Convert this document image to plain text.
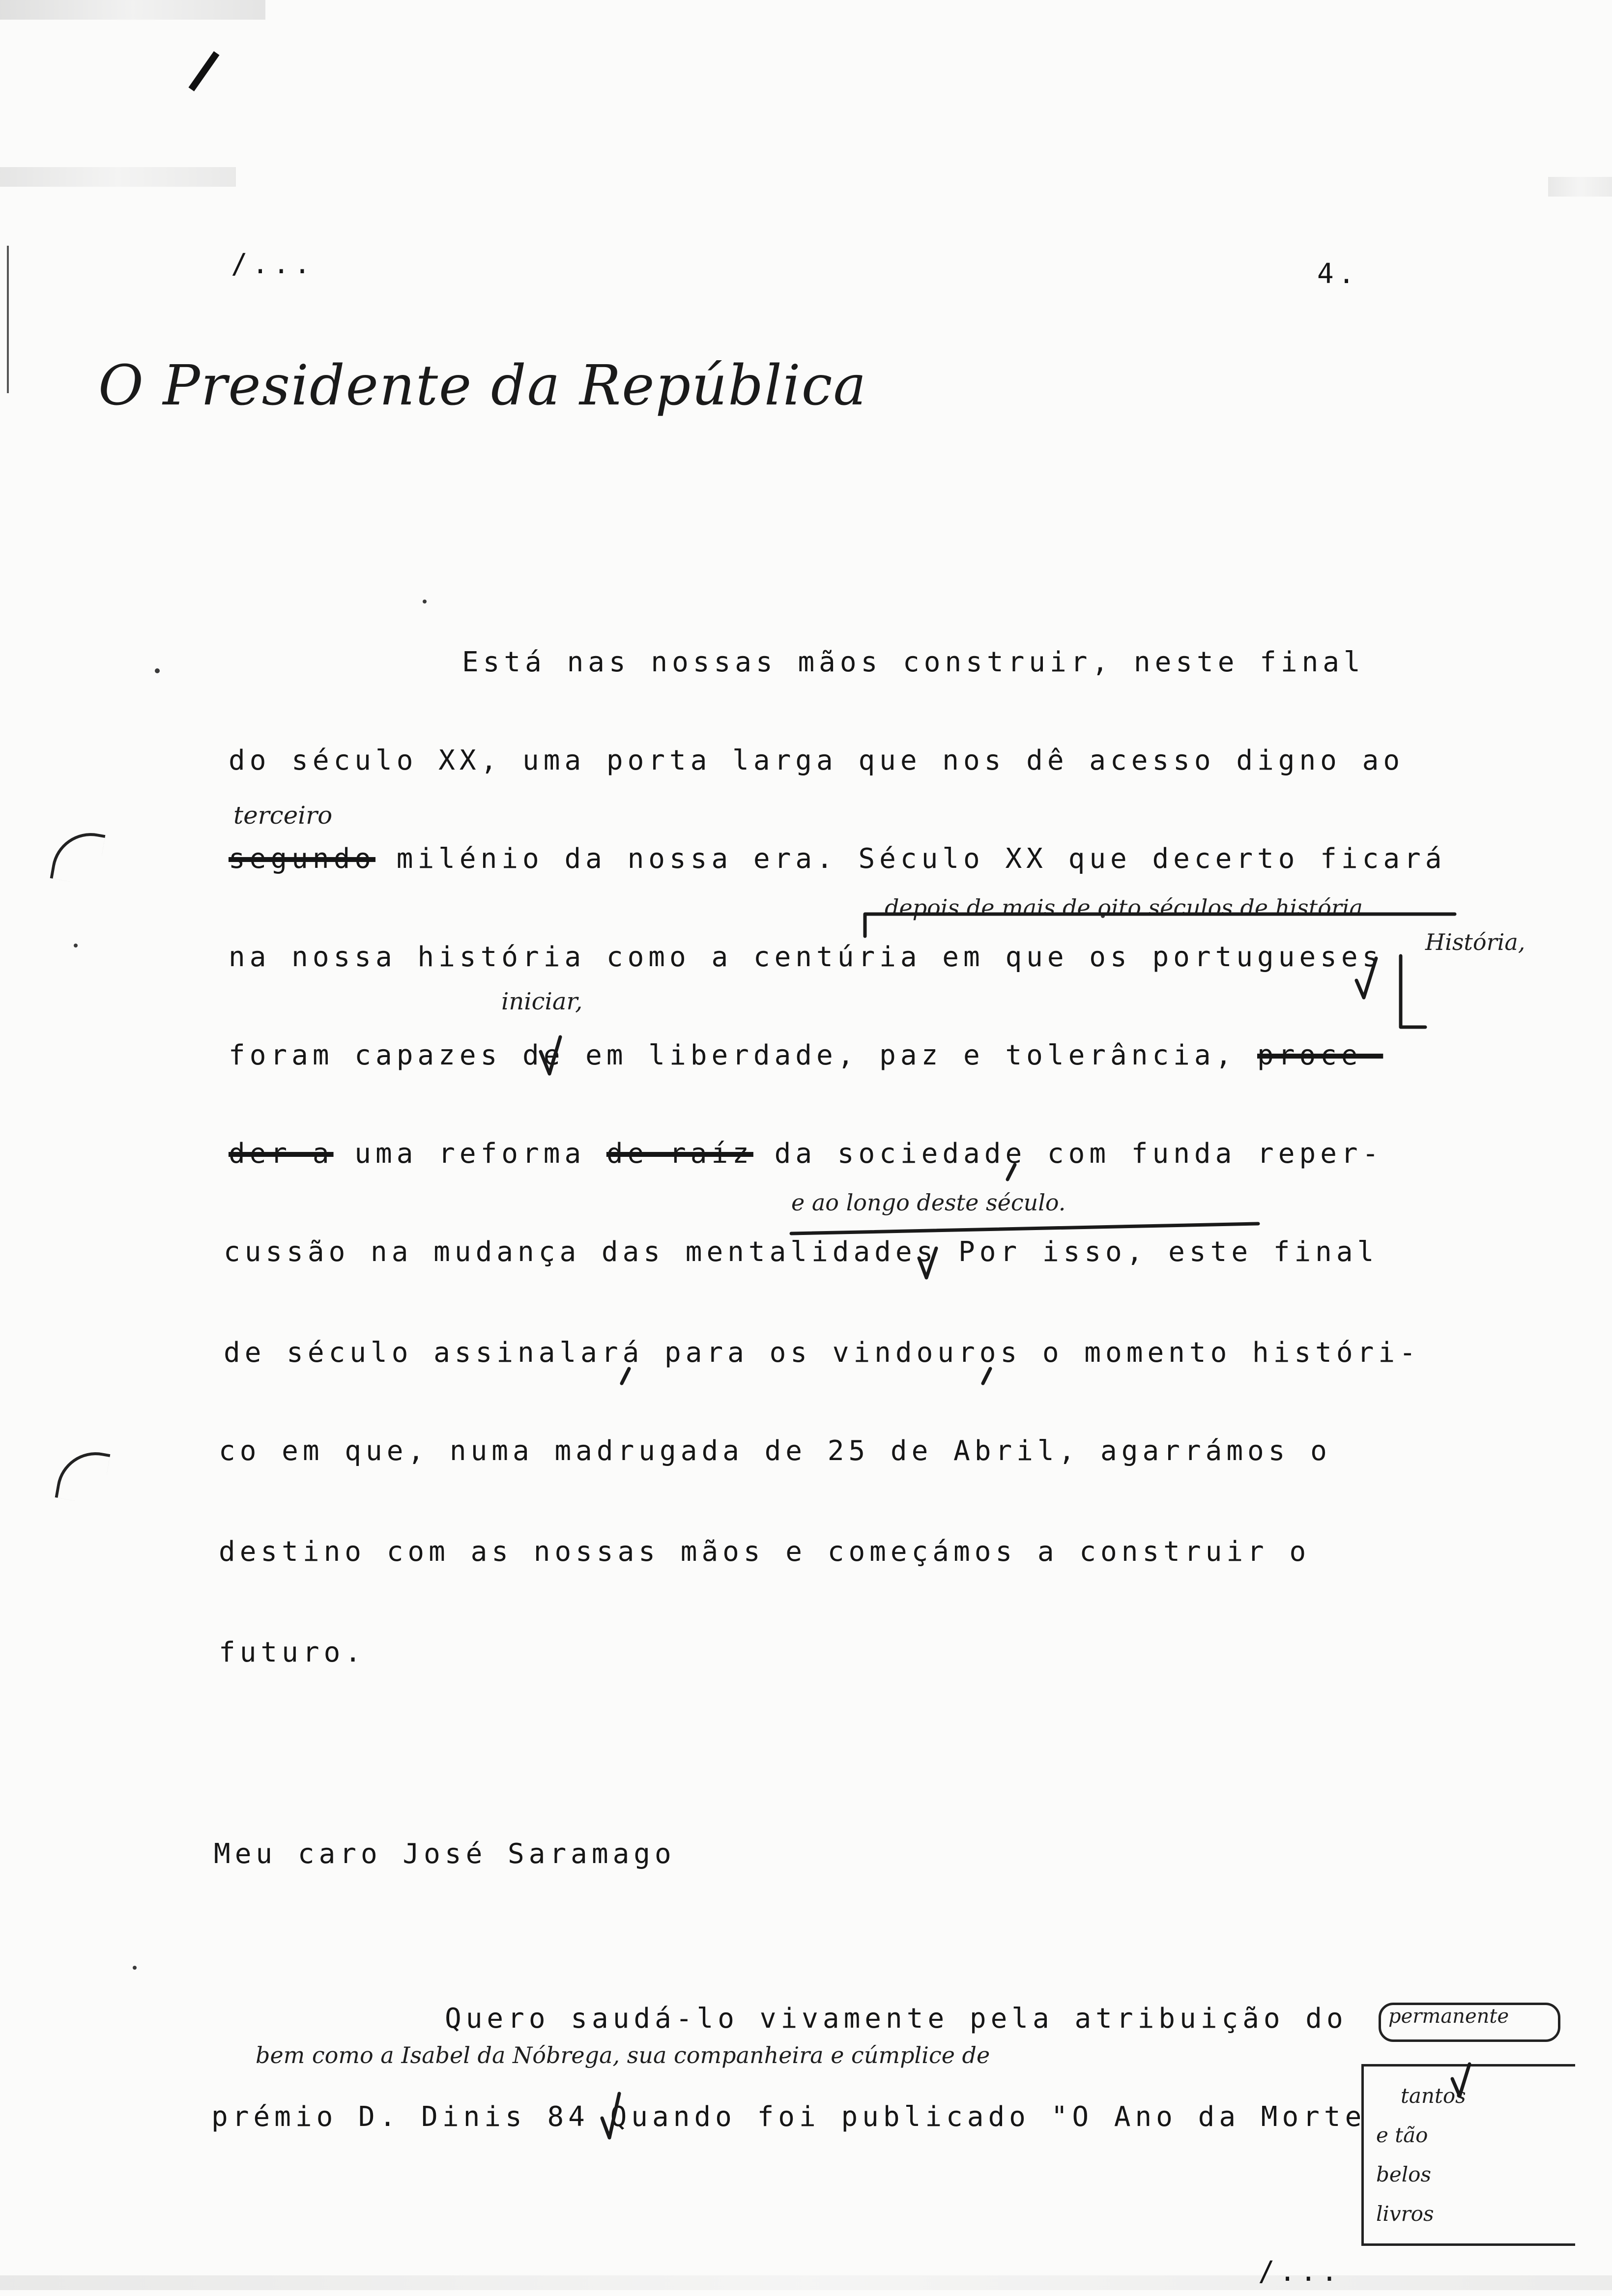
/...	4.
O Presidente da República
Está nas nossas mãos construir, neste final
do século XX, uma porta larga que nos dê acesso digno ao
terceiro
segundo milénio da nossa era. Século XX que decerto ficará
depois de mais de oito séculos de história
na nossa história como a centúria em que os portugueses História,
iniciar,
foram capazes de em liberdade, paz e tolerância, proce-
der a uma reforma de raíz da sociedade com funda reper-
e ao longo deste século.
cussão na mudança das mentalidades Por isso, este final
de século assinalará para os vindouros o momento históri-
co em que, numa madrugada de 25 de Abril, agarrámos o
destino com as nossas mãos e começámos a construir o
futuro.
Meu caro José Saramago
Quero saudá-lo vivamente pela atribuição do permanente
bem como a Isabel da Nóbrega, sua companheira e cúmplice de
prémio D. Dinis 84 Quando foi publicado "O Ano da Morte
tantos
e tão
belos
livros
/...
